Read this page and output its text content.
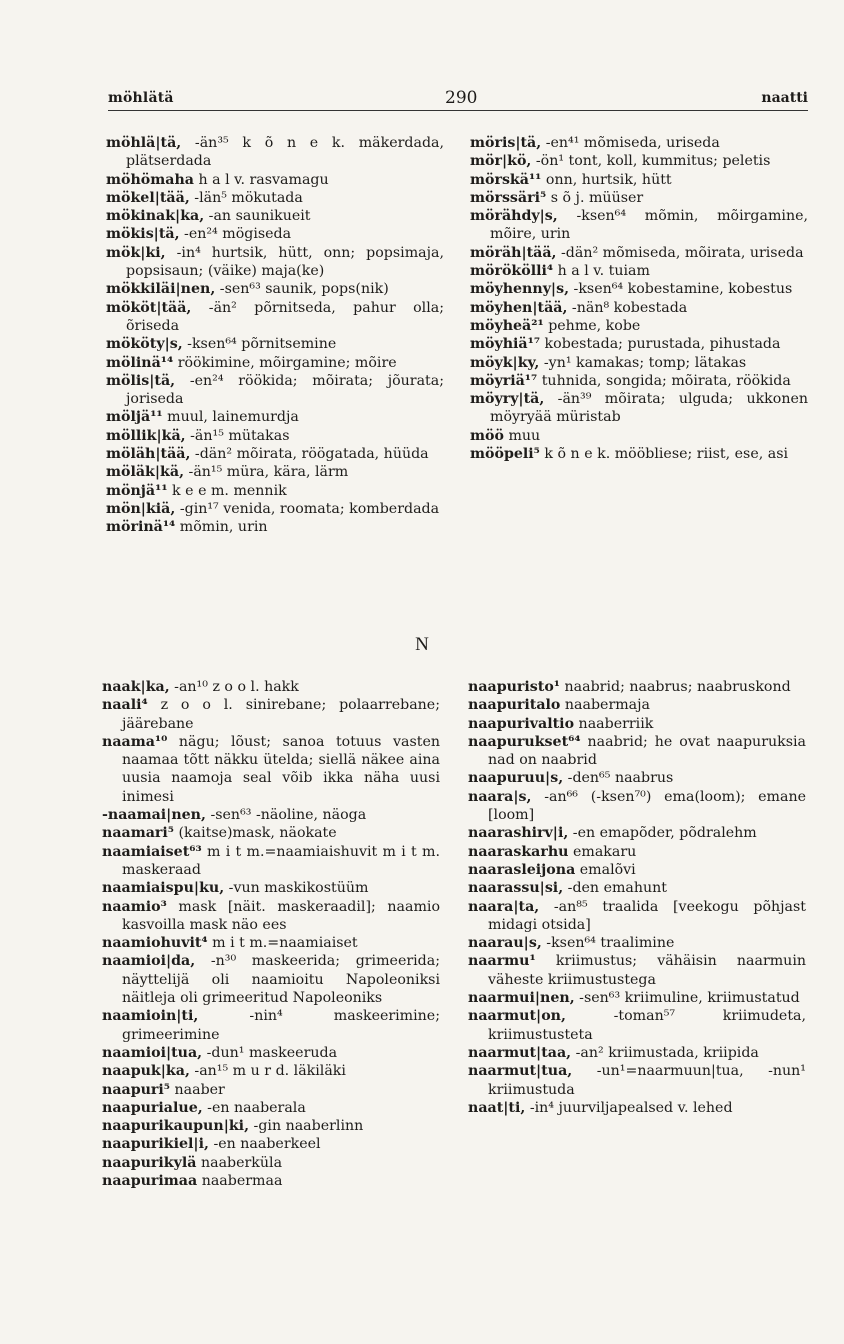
möhlätä	290	naatti
möhlä|tä, -än³⁵ k õ n e k. mäkerdada, plätserdada
möhömaha h a l v. rasvamagu
mökel|tää, -län⁵ mökutada
mökinak|ka, -an saunikueit
mökis|tä, -en²⁴ mögiseda
mök|ki, -in⁴ hurtsik, hütt, onn; popsimaja, popsisaun; (väike) maja(ke)
mökkiläi|nen, -sen⁶³ saunik, pops(nik)
mököt|tää, -än² põrnitseda, pahur olla; õriseda
mököty|s, -ksen⁶⁴ põrnitsemine
mölinä¹⁴ röökimine, mõirgamine; mõire
mölis|tä, -en²⁴ röökida; mõirata; jõurata; joriseda
möljä¹¹ muul, lainemurdja
möllik|kä, -än¹⁵ mütakas
möläh|tää, -dän² mõirata, röögatada, hüüda
möläk|kä, -än¹⁵ müra, kära, lärm
mönjä¹¹ k e e m. mennik
mön|kiä, -gin¹⁷ venida, roomata; komberdada
mörinä¹⁴ mõmin, urin
möris|tä, -en⁴¹ mõmiseda, uriseda
mör|kö, -ön¹ tont, koll, kummitus; peletis
mörskä¹¹ onn, hurtsik, hütt
mörssäri⁵ s õ j. müüser
mörähdy|s, -ksen⁶⁴ mõmin, mõirgamine, mõire, urin
möräh|tää, -dän² mõmiseda, mõirata, uriseda
mörökölli⁴ h a l v. tuiam
möyhenny|s, -ksen⁶⁴ kobestamine, kobestus
möyhen|tää, -nän⁸ kobestada
möyheä²¹ pehme, kobe
möyhiä¹⁷ kobestada; purustada, pihustada
möyk|ky, -yn¹ kamakas; tomp; lätakas
möyriä¹⁷ tuhnida, songida; mõirata, röökida
möyry|tä, -än³⁹ mõirata; ulguda; ukkonen möyryää müristab
möö muu
mööpeli⁵ k õ n e k. mööbliese; riist, ese, asi
N
naak|ka, -an¹⁰ z o o l. hakk
naali⁴ z o o l. sinirebane; polaarrebane; jäärebane
naama¹⁰ nägu; lõust; sanoa totuus vasten naamaa tõtt näkku ütelda; siellä näkee aina uusia naamoja seal võib ikka näha uusi inimesi
-naamai|nen, -sen⁶³ -näoline, näoga
naamari⁵ (kaitse)mask, näokate
naamiaiset⁶³ m i t m.=naamiaishuvit m i t m. maskeraad
naamiaispu|ku, -vun maskikostüüm
naamio³ mask [näit. maskeraadil]; naamio kasvoilla mask näo ees
naamiohuvit⁴ m i t m.=naamiaiset
naamioi|da, -n³⁰ maskeerida; grimeerida; näyttelijä oli naamioitu Napoleoniksi näitleja oli grimeeritud Napoleoniks
naamioin|ti, -nin⁴ maskeerimine; grimeerimine
naamioi|tua, -dun¹ maskeeruda
naapuk|ka, -an¹⁵ m u r d. läkiläki
naapuri⁵ naaber
naapurialue, -en naaberala
naapurikaupun|ki, -gin naaberlinn
naapurikiel|i, -en naaberkeel
naapurikylä naaberküla
naapurimaa naabermaa
naapuristo¹ naabrid; naabrus; naabruskond
naapuritalo naabermaja
naapurivaltio naaberriik
naapurukset⁶⁴ naabrid; he ovat naapuruksia nad on naabrid
naapuruu|s, -den⁶⁵ naabrus
naara|s, -an⁶⁶ (-ksen⁷⁰) ema(loom); emane [loom]
naarashirv|i, -en emapõder, põdralehm
naaraskarhu emakaru
naarasleijona emalõvi
naarassu|si, -den emahunt
naara|ta, -an⁸⁵ traalida [veekogu põhjast midagi otsida]
naarau|s, -ksen⁶⁴ traalimine
naarmu¹ kriimustus; vähäisin naarmuin väheste kriimustustega
naarmui|nen, -sen⁶³ kriimuline, kriimustatud
naarmut|on, -toman⁵⁷ kriimudeta, kriimustusteta
naarmut|taa, -an² kriimustada, kriipida
naarmut|tua, -un¹=naarmuun|tua, -nun¹ kriimustuda
naat|ti, -in⁴ juurviljapealsed v. lehed
